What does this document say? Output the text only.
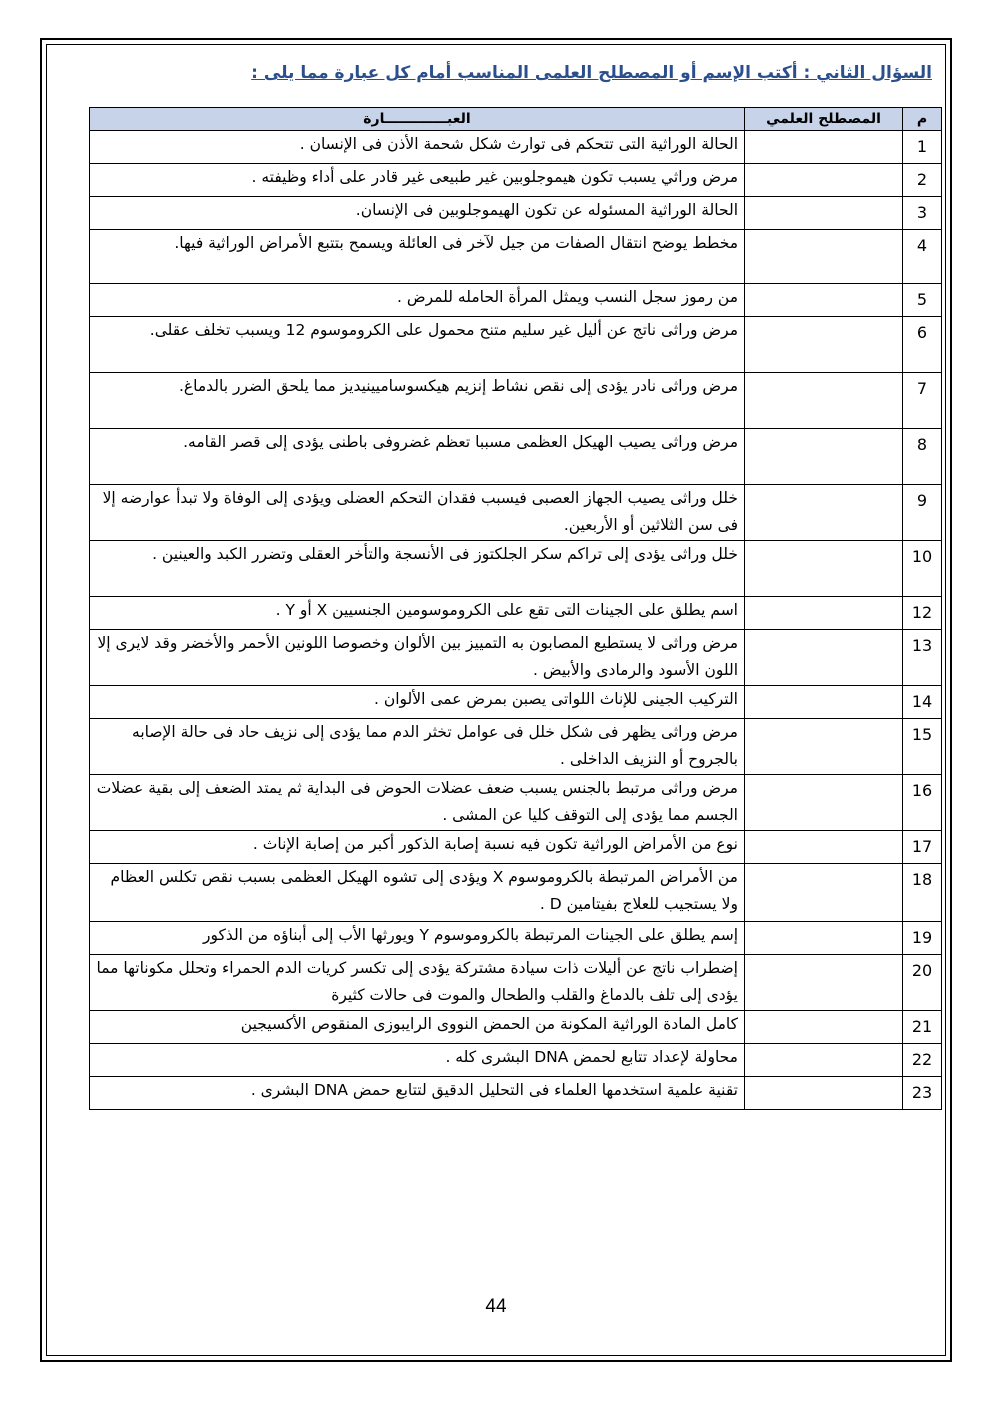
السؤال الثاني : أكتب الإسم أو المصطلح العلمى المناسب أمام كل عبارة مما يلى :
م	المصطلح العلمي	العبـــــــــــــارة
1		الحالة الوراثية التى تتحكم فى توارث شكل شحمة الأذن فى الإنسان .
2		مرض وراثي يسبب تكون هيموجلوبين غير طبيعى غير قادر على أداء وظيفته .
3		الحالة الوراثية المسئوله عن تكون الهيموجلوبين فى الإنسان.
4		مخطط يوضح انتقال الصفات من جيل لآخر فى العائلة ويسمح بتتبع الأمراض الوراثية فيها.
5		من رموز سجل النسب ويمثل المرأة الحامله للمرض .
6		مرض وراثى ناتج عن أليل غير سليم متنح محمول على الكروموسوم 12 ويسبب تخلف عقلى.
7		مرض وراثى نادر يؤدى إلى نقص نشاط إنزيم هيكسوساميينيديز مما يلحق الضرر بالدماغ.
8		مرض وراثى يصيب الهيكل العظمى مسببا تعظم غضروفى باطنى يؤدى إلى قصر القامه.
9		خلل وراثى يصيب الجهاز العصبى فيسبب فقدان التحكم العضلى ويؤدى إلى الوفاة ولا تبدأ عوارضه إلا فى سن الثلاثين أو الأربعين.
10		خلل وراثى يؤدى إلى تراكم سكر الجلكتوز فى الأنسجة والتأخر العقلى وتضرر الكبد والعينين .
12		اسم يطلق على الجينات التى تقع على الكروموسومين الجنسيين X أو Y .
13		مرض وراثى لا يستطيع المصابون به التمييز بين الألوان وخصوصا اللونين الأحمر والأخضر وقد لايرى إلا اللون الأسود والرمادى والأبيض .
14		التركيب الجينى للإناث اللواتى يصبن بمرض عمى الألوان .
15		مرض وراثى يظهر فى شكل خلل فى عوامل تخثر الدم مما يؤدى إلى نزيف حاد فى حالة الإصابه بالجروح أو النزيف الداخلى .
16		مرض وراثى مرتبط بالجنس يسبب ضعف عضلات الحوض فى البداية ثم يمتد الضعف إلى بقية عضلات الجسم مما يؤدى إلى التوقف كليا عن المشى .
17		نوع من الأمراض الوراثية تكون فيه نسبة إصابة الذكور أكبر من إصابة الإناث .
18		من الأمراض المرتبطة بالكروموسوم X ويؤدى إلى تشوه الهيكل العظمى بسبب نقص تكلس العظام ولا يستجيب للعلاج بفيتامين D .
19		إسم يطلق على الجينات المرتبطة بالكروموسوم Y ويورثها الأب إلى أبناؤه من الذكور
20		إضطراب ناتج عن أليلات ذات سيادة مشتركة يؤدى إلى تكسر كريات الدم الحمراء وتحلل مكوناتها مما يؤدى إلى تلف بالدماغ والقلب والطحال والموت فى حالات كثيرة
21		كامل المادة الوراثية المكونة من الحمض النووى الرايبوزى المنقوص الأكسيجين
22		محاولة لإعداد تتابع لحمض DNA البشرى كله .
23		تقنية علمية استخدمها العلماء فى التحليل الدقيق لتتابع حمض DNA البشرى .
44
